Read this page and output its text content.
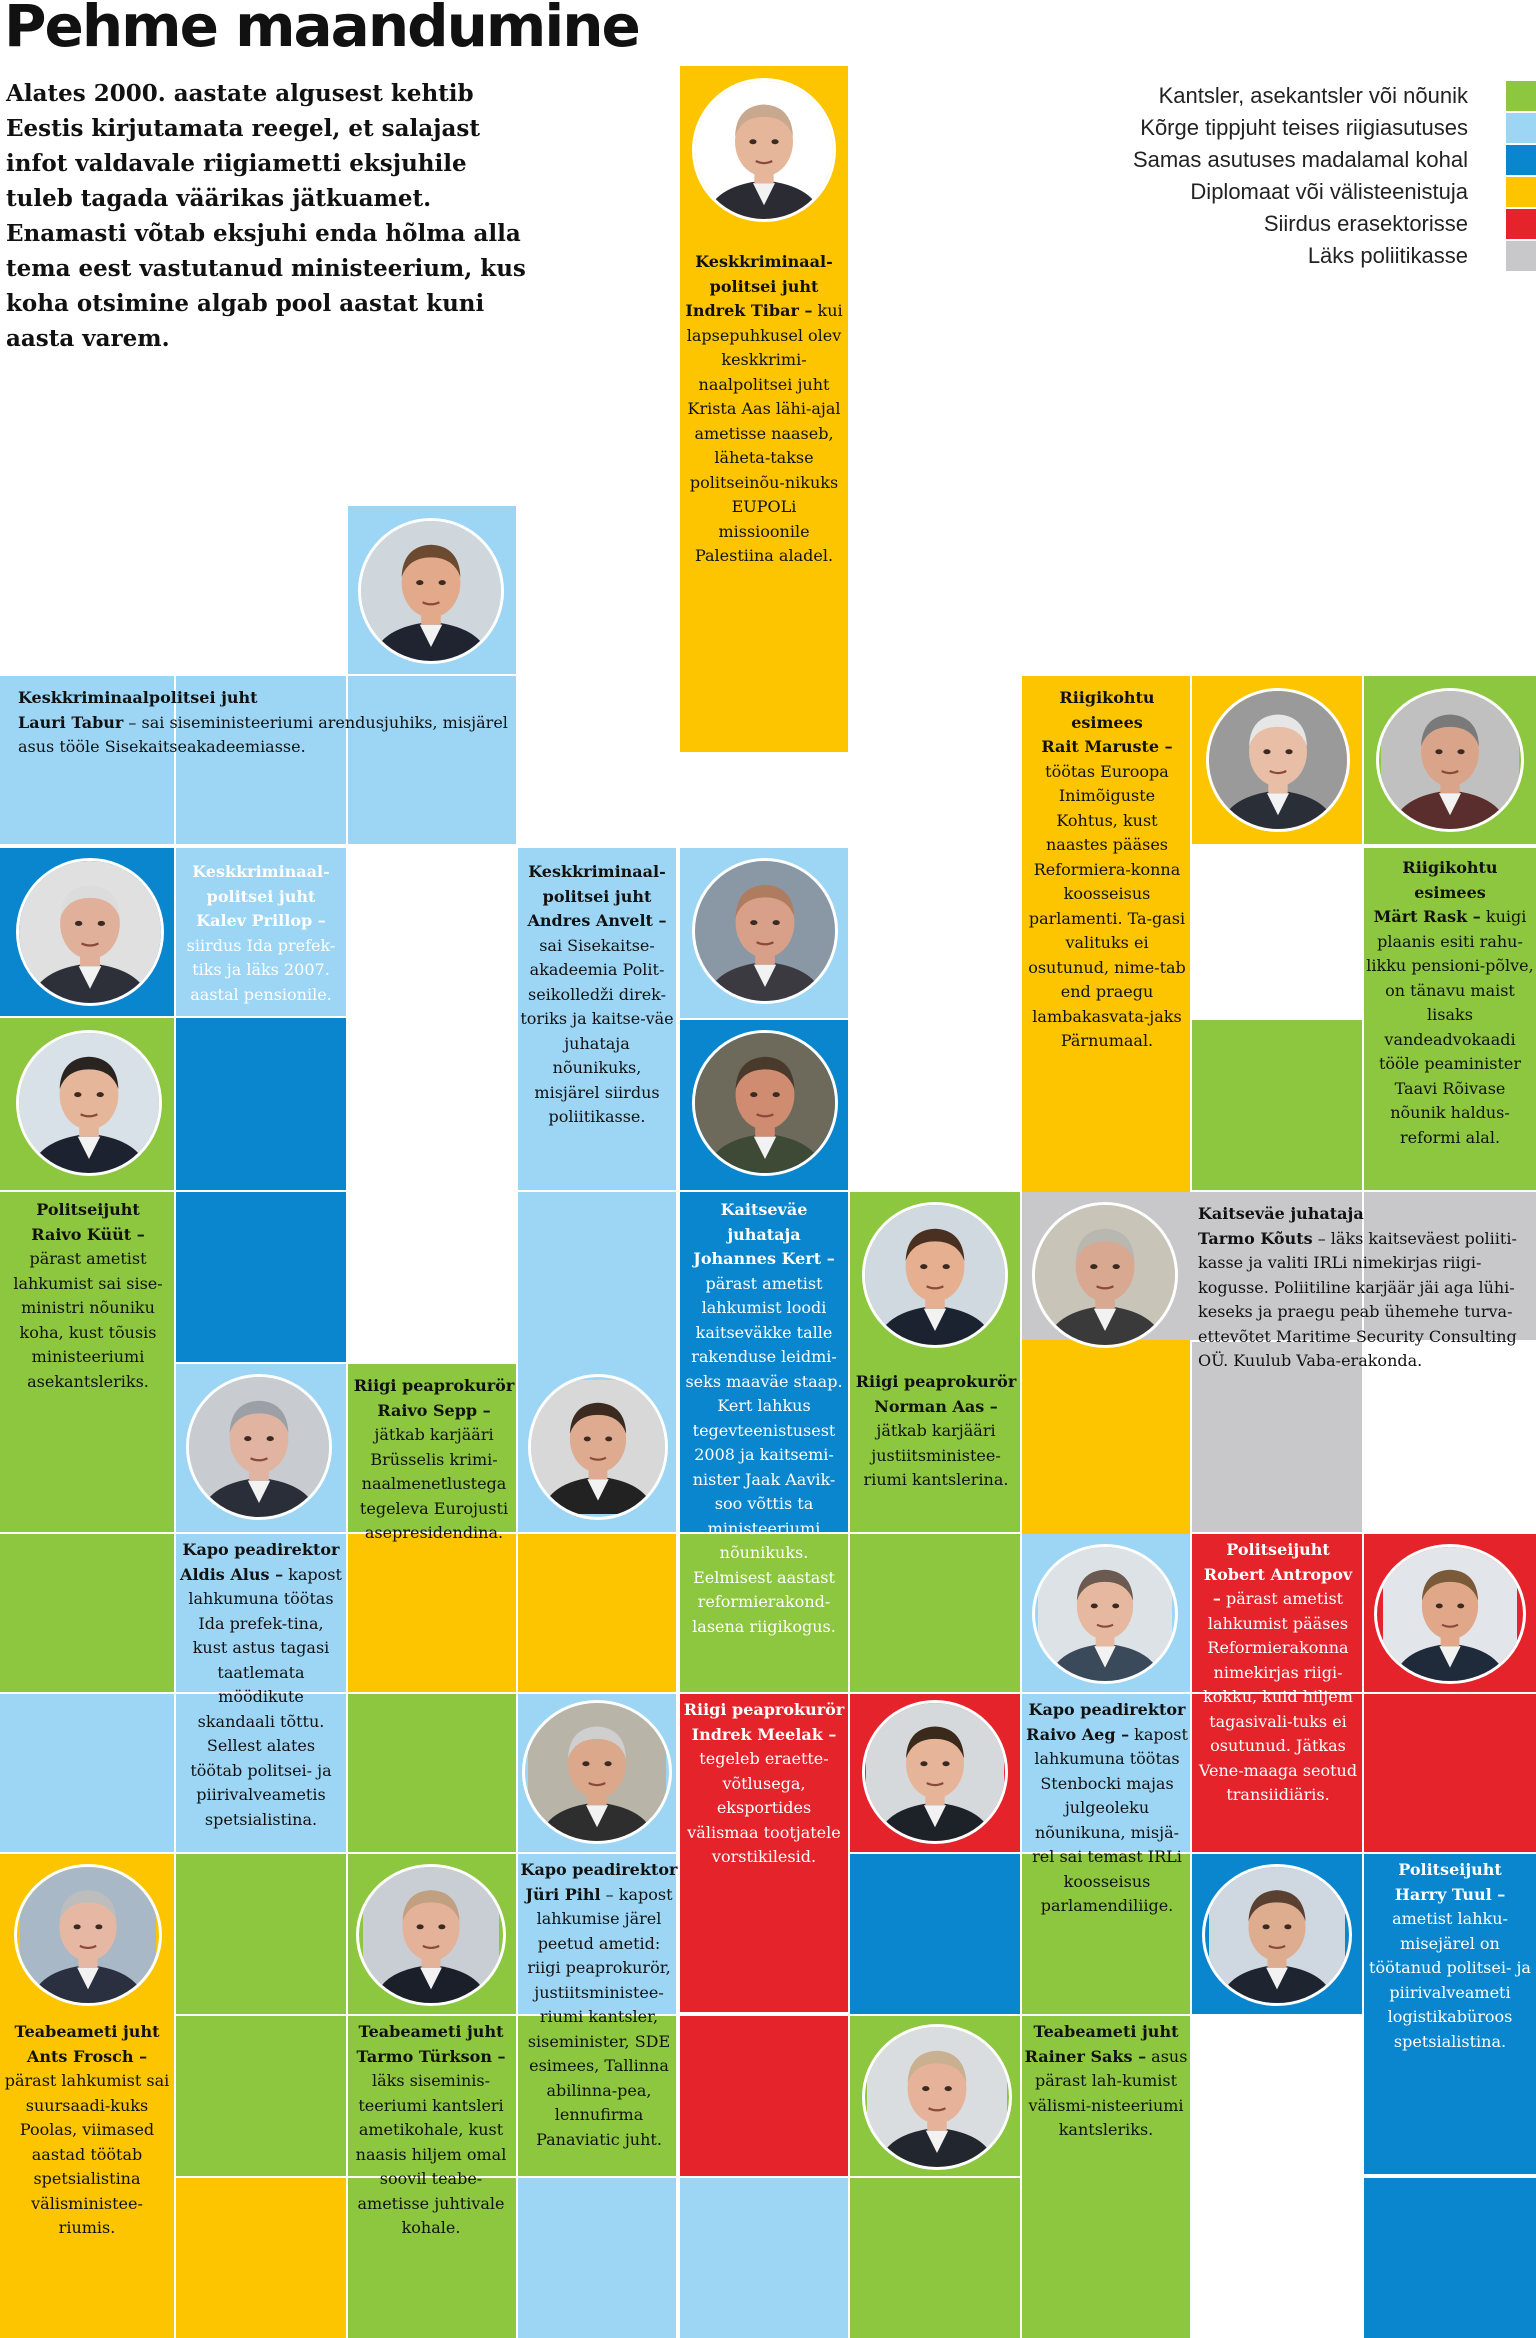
Pehme maandumine
Alates 2000. aastate algusest kehtib Eestis kirjutamata reegel, et salajast infot valdavale riigiametti eksjuhile tuleb tagada väärikas jätkuamet. Enamasti võtab eksjuhi enda hõlma alla tema eest vastutanud ministeerium, kus koha otsimine algab pool aastat kuni aasta varem.
Kantsler, asekantsler või nõunik
Kõrge tippjuht teises riigiasutuses
Samas asutuses madalamal kohal
Diplomaat või välisteenistuja
Siirdus erasektorisse
Läks poliitikasse
Keskkriminaal-
politsei juht
Indrek Tibar – kui lapsepuhkusel olev keskkrimi-naalpolitsei juht Krista Aas lähi-ajal ametisse naaseb, läheta-takse politseinõu-nikuks EUPOLi missioonile Palestiina aladel.
Keskkriminaalpolitsei juht
Lauri Tabur – sai siseministeeriumi arendusjuhiks, misjärel asus tööle Sisekaitseakadeemiasse.
Keskkriminaal-
politsei juht
Kalev Prillop – siirdus Ida prefek-tiks ja läks 2007. aastal pensionile.
Keskkriminaal-
politsei juht
Andres Anvelt – sai Sisekaitse-akadeemia Polit-seikolledži direk-toriks ja kaitse-väe juhataja nõunikuks, misjärel siirdus poliitikasse.
Riigikohtu
esimees
Rait Maruste – töötas Euroopa Inimõiguste Kohtus, kust naastes pääses Reformiera-konna koosseisus parlamenti. Ta-gasi valituks ei osutunud, nime-tab end praegu lambakasvata-jaks Pärnumaal.
Riigikohtu
esimees
Märt Rask – kuigi plaanis esiti rahu-likku pensioni-põlve, on tänavu maist lisaks vandeadvokaadi tööle peaminister Taavi Rõivase nõunik haldus-reformi alal.
Politseijuht
Raivo Küüt – pärast ametist lahkumist sai sise-ministri nõuniku koha, kust tõusis ministeeriumi asekantsleriks.
Kaitseväe
juhataja
Johannes Kert – pärast ametist lahkumist loodi kaitseväkke talle rakenduse leidmi-seks maaväe staap. Kert lahkus tegevteenistusest 2008 ja kaitsemi-nister Jaak Aavik-soo võttis ta ministeeriumi nõunikuks. Eelmisest aastast reformierakond-lasena riigikogus.
Kaitseväe juhataja
Tarmo Kõuts – läks kaitseväest poliiti-kasse ja valiti IRLi nimekirjas riigi-kogusse. Poliitiline karjäär jäi aga lühi-keseks ja praegu peab ühemehe turva-ettevõtet Maritime Security Consulting OÜ. Kuulub Vaba-erakonda.
Riigi peaprokurör
Raivo Sepp – jätkab karjääri Brüsselis krimi-naalmenetlustega tegeleva Eurojusti asepresidendina.
Riigi peaprokurör
Norman Aas – jätkab karjääri justiitsministee-riumi kantslerina.
Kapo peadirektor
Aldis Alus – kapost lahkumuna töötas Ida prefek-tina, kust astus tagasi taatlemata möödikute skandaali tõttu. Sellest alates töötab politsei- ja piirivalveametis spetsialistina.
Politseijuht
Robert Antropov – pärast ametist lahkumist pääses Reformierakonna nimekirjas riigi-kokku, kuid hiljem tagasivali-tuks ei osutunud. Jätkas Vene-maaga seotud transiidiäris.
Riigi peaprokurör
Indrek Meelak – tegeleb eraette-võtlusega, eksportides välismaa tootjatele vorstikilesid.
Kapo peadirektor
Raivo Aeg – kapost lahkumuna töötas Stenbocki majas julgeoleku nõunikuna, misjä-rel sai temast IRLi koosseisus parlamendiliige.
Kapo peadirektor
Jüri Pihl – kapost lahkumise järel peetud ametid: riigi peaprokurör, justiitsministee-riumi kantsler, siseminister, SDE esimees, Tallinna abilinna-pea, lennufirma Panaviatic juht.
Politseijuht
Harry Tuul – ametist lahku-misejärel on töötanud politsei- ja piirivalveameti logistikabüroos spetsialistina.
Teabeameti juht
Ants Frosch – pärast lahkumist sai suursaadi-kuks Poolas, viimased aastad töötab spetsialistina välisministee-riumis.
Teabeameti juht
Tarmo Türkson – läks siseminis-teeriumi kantsleri ametikohale, kust naasis hiljem omal soovil teabe-ametisse juhtivale kohale.
Teabeameti juht
Rainer Saks – asus pärast lah-kumist välismi-nisteeriumi kantsleriks.
